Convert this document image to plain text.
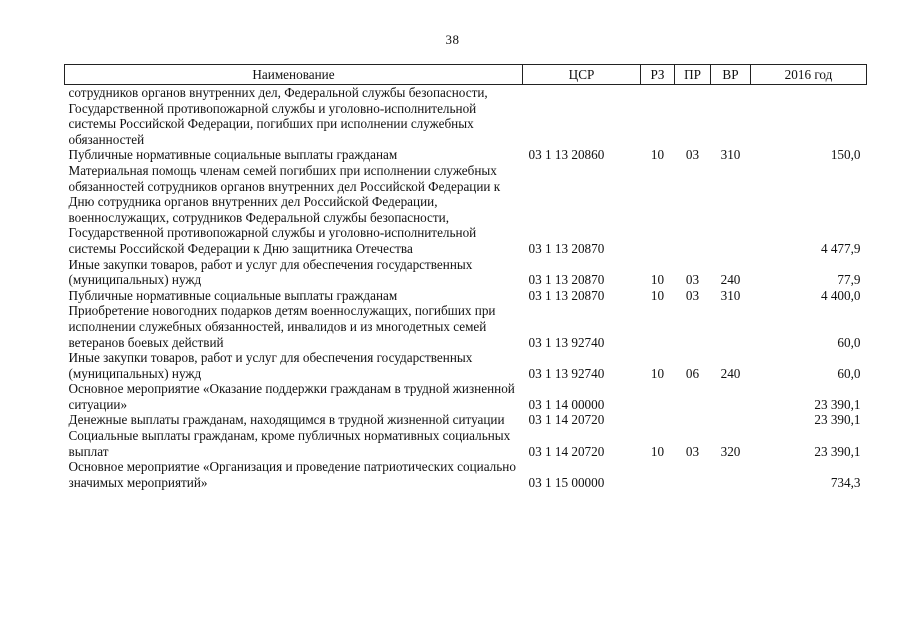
38
Наименование	ЦСР	РЗ	ПР	ВР	2016 год
сотрудников органов внутренних дел, Федеральной службы безопасности, Государственной противопожарной службы и уголовно-исполнительной системы Российской Федерации, погибших при исполнении служебных обязанностей					
Публичные нормативные социальные выплаты гражданам	03 1 13 20860	10	03	310	150,0
Материальная помощь членам семей погибших при исполнении служебных обязанностей сотрудников органов внутренних дел Российской Федерации к Дню сотрудника органов внутренних дел Российской Федерации, военнослужащих, сотрудников Федеральной службы безопасности, Государственной противопожарной службы и уголовно-исполнительной системы Российской Федерации к Дню защитника Отечества	03 1 13 20870				4 477,9
Иные закупки товаров, работ и услуг для обеспечения государственных (муниципальных) нужд	03 1 13 20870	10	03	240	77,9
Публичные нормативные социальные выплаты гражданам	03 1 13 20870	10	03	310	4 400,0
Приобретение новогодних подарков детям военнослужащих, погибших при исполнении служебных обязанностей, инвалидов и из многодетных семей ветеранов боевых действий	03 1 13 92740				60,0
Иные закупки товаров, работ и услуг для обеспечения государственных (муниципальных) нужд	03 1 13 92740	10	06	240	60,0
Основное мероприятие «Оказание поддержки гражданам в трудной жизненной ситуации»	03 1 14 00000				23 390,1
Денежные выплаты гражданам, находящимся в трудной жизненной ситуации	03 1 14 20720				23 390,1
Социальные выплаты гражданам, кроме публичных нормативных социальных выплат	03 1 14 20720	10	03	320	23 390,1
Основное мероприятие «Организация и проведение патриотических социально значимых мероприятий»	03 1 15 00000				734,3
